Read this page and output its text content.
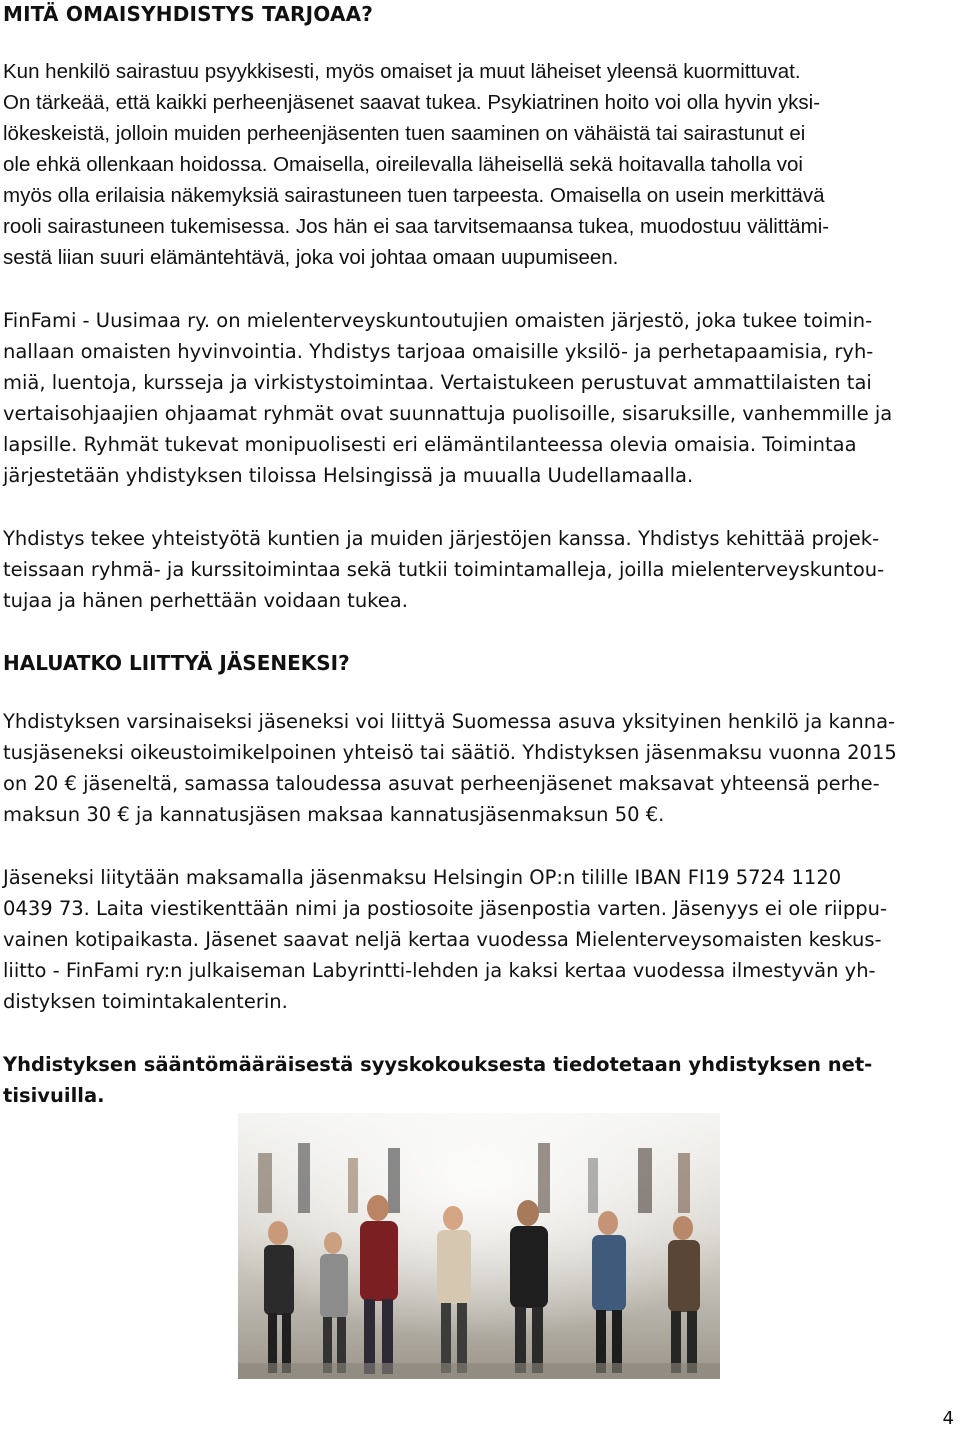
MITÄ OMAISYHDISTYS TARJOAA?

Kun henkilö sairastuu psyykkisesti, myös omaiset ja muut läheiset yleensä kuormittuvat.
On tärkeää, että kaikki perheenjäsenet saavat tukea. Psykiatrinen hoito voi olla hyvin yksi-
lökeskeistä, jolloin muiden perheenjäsenten tuen saaminen on vähäistä tai sairastunut ei
ole ehkä ollenkaan hoidossa. Omaisella, oireilevalla läheisellä sekä hoitavalla taholla voi
myös olla erilaisia näkemyksiä sairastuneen tuen tarpeesta. Omaisella on usein merkittävä
rooli sairastuneen tukemisessa. Jos hän ei saa tarvitsemaansa tukea, muodostuu välittämi-
sestä liian suuri elämäntehtävä, joka voi johtaa omaan uupumiseen.

FinFami - Uusimaa ry. on mielenterveyskuntoutujien omaisten järjestö, joka tukee toimin-
nallaan omaisten hyvinvointia. Yhdistys tarjoaa omaisille yksilö- ja perhetapaamisia, ryh-
miä, luentoja, kursseja ja virkistystoimintaa. Vertaistukeen perustuvat ammattilaisten tai
vertaisohjaajien ohjaamat ryhmät ovat suunnattuja puolisoille, sisaruksille, vanhemmille ja
lapsille. Ryhmät tukevat monipuolisesti eri elämäntilanteessa olevia omaisia. Toimintaa
järjestetään yhdistyksen tiloissa Helsingissä ja muualla Uudellamaalla.

Yhdistys tekee yhteistyötä kuntien ja muiden järjestöjen kanssa. Yhdistys kehittää projek-
teissaan ryhmä- ja kurssitoimintaa sekä tutkii toimintamalleja, joilla mielenterveyskuntou-
tujaa ja hänen perhettään voidaan tukea.

HALUATKO LIITTYÄ JÄSENEKSI?

Yhdistyksen varsinaiseksi jäseneksi voi liittyä Suomessa asuva yksityinen henkilö ja kanna-
tusjäseneksi oikeustoimikelpoinen yhteisö tai säätiö. Yhdistyksen jäsenmaksu vuonna 2015
on 20 € jäseneltä, samassa taloudessa asuvat perheenjäsenet maksavat yhteensä perhe-
maksun 30 € ja kannatusjäsen maksaa kannatusjäsenmaksun 50 €.

Jäseneksi liitytään maksamalla jäsenmaksu Helsingin OP:n tilille IBAN FI19 5724 1120
0439 73. Laita viestikenttään nimi ja postiosoite jäsenpostia varten. Jäsenyys ei ole riippu-
vainen kotipaikasta. Jäsenet saavat neljä kertaa vuodessa Mielenterveysomaisten keskus-
liitto - FinFami ry:n julkaiseman Labyrintti-lehden ja kaksi kertaa vuodessa ilmestyvän yh-
distyksen toimintakalenterin.

Yhdistyksen sääntömääräisestä syyskokouksesta tiedotetaan yhdistyksen net-
tisivuilla.

4
